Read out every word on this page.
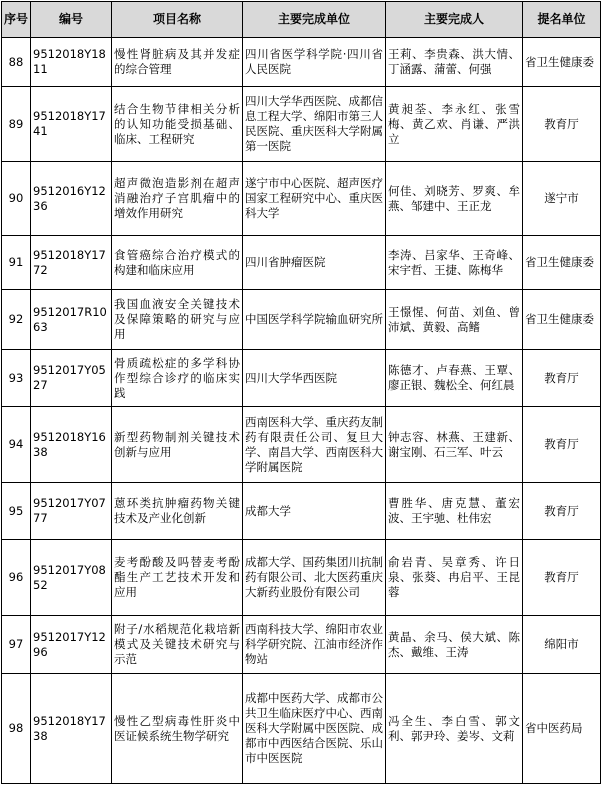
序号	编号	项目名称	主要完成单位	主要完成人	提名单位
88	9512018Y1811	慢性肾脏病及其并发症的综合管理	四川省医学科学院·四川省人民医院	王莉、李贵森、洪大情、丁涵露、蒲蕾、何强	省卫生健康委
89	9512018Y1741	结合生物节律相关分析的认知功能受损基础、临床、工程研究	四川大学华西医院、成都信息工程大学、绵阳市第三人民医院、重庆医科大学附属第一医院	黄昶荃、李永红、张雪梅、黄乙欢、肖谦、严洪立	教育厅
90	9512016Y1236	超声微泡造影剂在超声消融治疗子宫肌瘤中的增效作用研究	遂宁市中心医院、超声医疗国家工程研究中心、重庆医科大学	何佳、刘晓芳、罗爽、牟燕、邹建中、王正龙	遂宁市
91	9512018Y1772	食管癌综合治疗模式的构建和临床应用	四川省肿瘤医院	李涛、吕家华、王奇峰、宋宇哲、王捷、陈梅华	省卫生健康委
92	9512017R1063	我国血液安全关键技术及保障策略的研究与应用	中国医学科学院输血研究所	王憬惺、何苗、刘鱼、曾沛斌、黄毅、高鳍	省卫生健康委
93	9512017Y0527	骨质疏松症的多学科协作型综合诊疗的临床实践	四川大学华西医院	陈德才、卢春燕、王覃、廖正银、魏松全、何红晨	教育厅
94	9512018Y1638	新型药物制剂关键技术创新与应用	西南医科大学、重庆药友制药有限责任公司、复旦大学、南昌大学、西南医科大学附属医院	钟志容、林燕、王建新、谢宝刚、石三军、叶云	教育厅
95	9512017Y0777	蒽环类抗肿瘤药物关键技术及产业化创新	成都大学	曹胜华、唐克慧、董宏波、王宇驰、杜伟宏	教育厅
96	9512017Y0852	麦考酚酸及吗替麦考酚酯生产工艺技术开发和应用	成都大学、国药集团川抗制药有限公司、北大医药重庆大新药业股份有限公司	俞岩青、吴章秀、许日泉、张葵、冉启平、王昆蓉	教育厅
97	9512017Y1296	附子/水稻规范化栽培新模式及关键技术研究与示范	西南科技大学、绵阳市农业科学研究院、江油市经济作物站	黄晶、余马、侯大斌、陈杰、戴维、王涛	绵阳市
98	9512018Y1738	慢性乙型病毒性肝炎中医证候系统生物学研究	成都中医药大学、成都市公共卫生临床医疗中心、西南医科大学附属中医医院、成都市中西医结合医院、乐山市中医医院	冯全生、李白雪、郭文利、郭尹玲、姜岑、文莉	省中医药局
